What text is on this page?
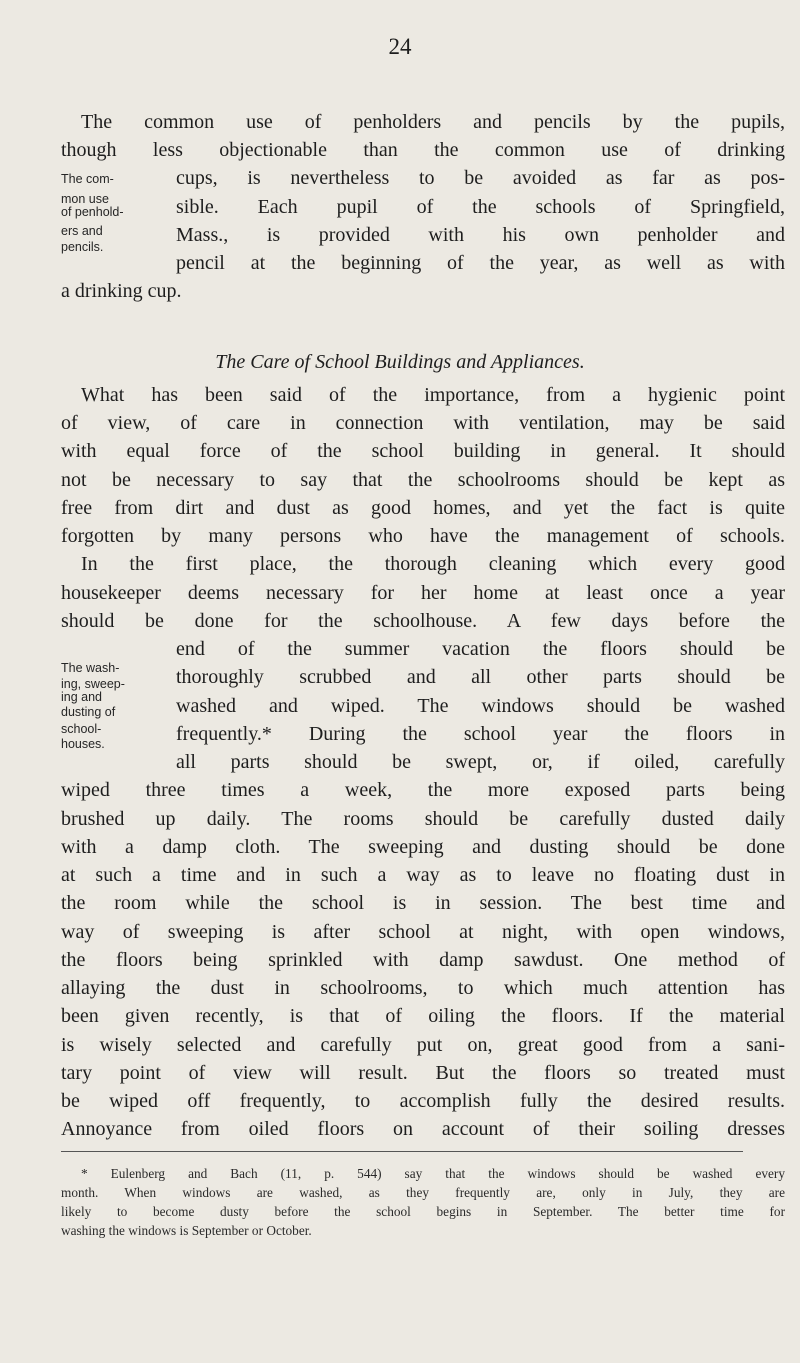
24
The common use of penholders and pencils by the pupils,
though less objectionable than the common use of drinking
cups, is nevertheless to be avoided as far as pos-
sible. Each pupil of the schools of Springfield,
Mass., is provided with his own penholder and
pencil at the beginning of the year, as well as with
a drinking cup.
The com-
mon use
of penhold-
ers and
pencils.
The Care of School Buildings and Appliances.
What has been said of the importance, from a hygienic point
of view, of care in connection with ventilation, may be said
with equal force of the school building in general. It should
not be necessary to say that the schoolrooms should be kept as
free from dirt and dust as good homes, and yet the fact is quite
forgotten by many persons who have the management of schools.
In the first place, the thorough cleaning which every good
housekeeper deems necessary for her home at least once a year
should be done for the schoolhouse. A few days before the
end of the summer vacation the floors should be
thoroughly scrubbed and all other parts should be
washed and wiped. The windows should be washed
frequently.* During the school year the floors in
all parts should be swept, or, if oiled, carefully
wiped three times a week, the more exposed parts being
brushed up daily. The rooms should be carefully dusted daily
with a damp cloth. The sweeping and dusting should be done
at such a time and in such a way as to leave no floating dust in
the room while the school is in session. The best time and
way of sweeping is after school at night, with open windows,
the floors being sprinkled with damp sawdust. One method of
allaying the dust in schoolrooms, to which much attention has
been given recently, is that of oiling the floors. If the material
is wisely selected and carefully put on, great good from a sani-
tary point of view will result. But the floors so treated must
be wiped off frequently, to accomplish fully the desired results.
Annoyance from oiled floors on account of their soiling dresses
The wash-
ing, sweep-
ing and
dusting of
school-
houses.
* Eulenberg and Bach (11, p. 544) say that the windows should be washed every
month. When windows are washed, as they frequently are, only in July, they are
likely to become dusty before the school begins in September. The better time for
washing the windows is September or October.
